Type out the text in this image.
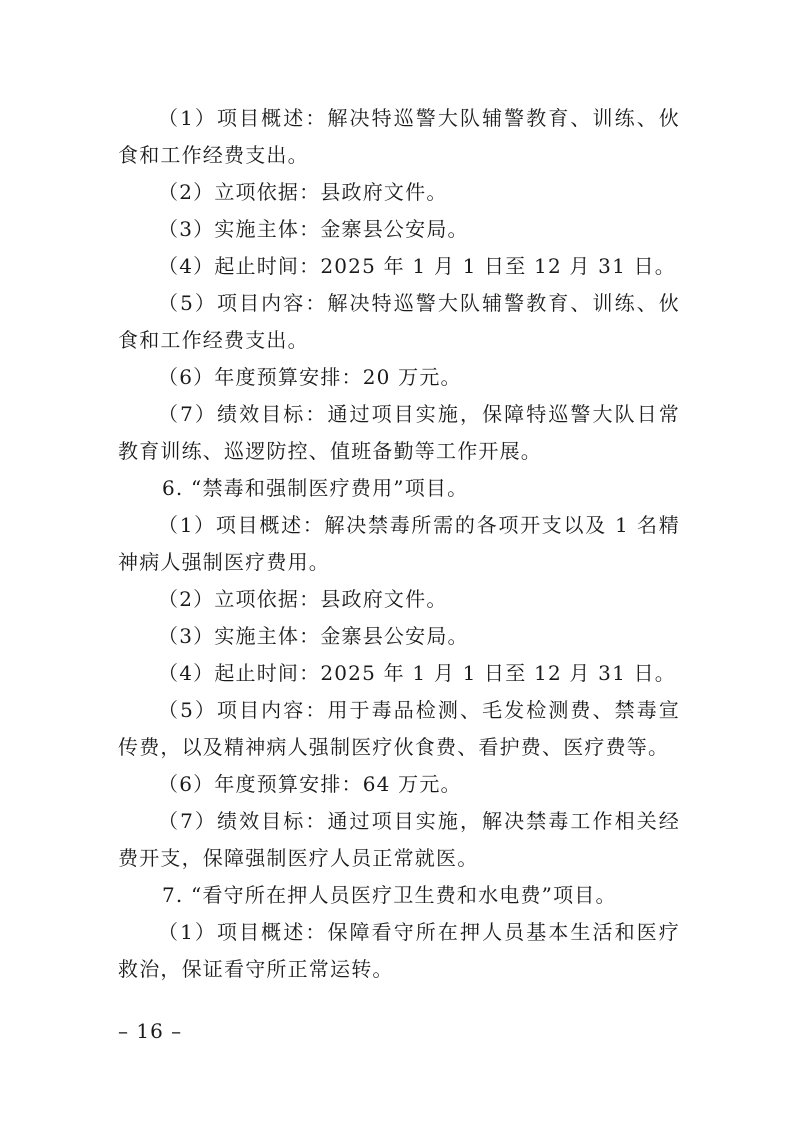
（1）项目概述：解决特巡警大队辅警教育、训练、伙食和工作经费支出。

（2）立项依据：县政府文件。

（3）实施主体：金寨县公安局。

（4）起止时间：2025 年 1 月 1 日至 12 月 31 日。

（5）项目内容：解决特巡警大队辅警教育、训练、伙食和工作经费支出。

（6）年度预算安排：20 万元。

（7）绩效目标：通过项目实施，保障特巡警大队日常教育训练、巡逻防控、值班备勤等工作开展。

6. “禁毒和强制医疗费用”项目。

（1）项目概述：解决禁毒所需的各项开支以及 1 名精神病人强制医疗费用。

（2）立项依据：县政府文件。

（3）实施主体：金寨县公安局。

（4）起止时间：2025 年 1 月 1 日至 12 月 31 日。

（5）项目内容：用于毒品检测、毛发检测费、禁毒宣传费，以及精神病人强制医疗伙食费、看护费、医疗费等。

（6）年度预算安排：64 万元。

（7）绩效目标：通过项目实施，解决禁毒工作相关经费开支，保障强制医疗人员正常就医。

7. “看守所在押人员医疗卫生费和水电费”项目。

（1）项目概述：保障看守所在押人员基本生活和医疗救治，保证看守所正常运转。

– 16 –
